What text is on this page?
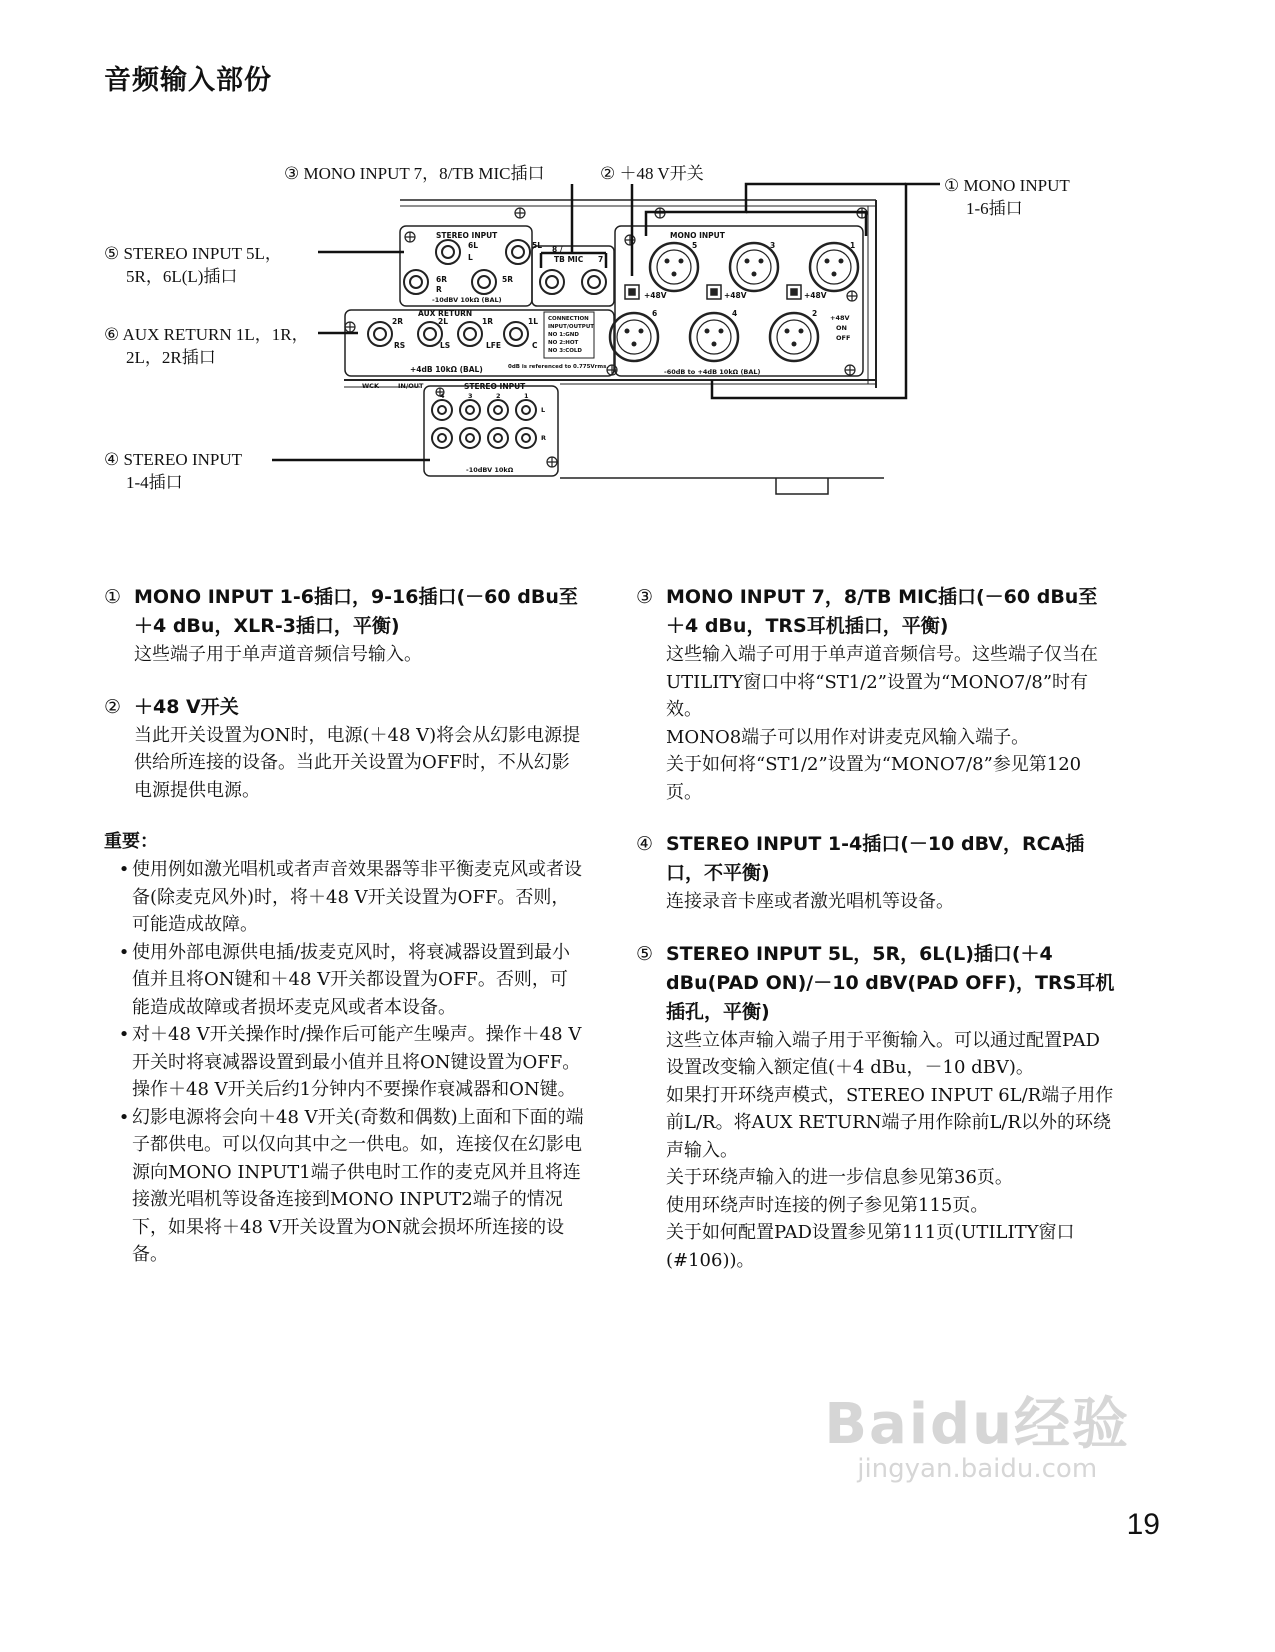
音频输入部份
③ MONO INPUT 7，8/TB MIC插口	② ＋48 V开关
① MONO INPUT
1-6插口
⑤ STEREO INPUT 5L，
5R，6L(L)插口
⑥ AUX RETURN 1L，1R，
2L，2R插口
④ STEREO INPUT
1-4插口
STEREO INPUT
6L	5L
L
6R	5R
R
-10dBV 10kΩ (BAL)
8 /
TB MIC 7
AUX RETURN
2R	2L	1R	1L
RS	LS	LFE	C
+4dB 10kΩ (BAL)
CONNECTION
INPUT/OUTPUT
NO 1:GND
NO 2:HOT
NO 3:COLD
0dB is referenced to 0.775Vrms.
MONO INPUT
5	3	1
6	4	2
+48V	+48V	+48V
+48V
ON
OFF
-60dB to +4dB 10kΩ (BAL)
STEREO INPUT
4	3	2	1
L
R
-10dBV 10kΩ
WCK	IN/OUT
① MONO INPUT 1-6插口，9-16插口(－60 dBu至＋4 dBu，XLR-3插口，平衡)

这些端子用于单声道音频信号输入。

② ＋48 V开关

当此开关设置为ON时，电源(＋48 V)将会从幻影电源提供给所连接的设备。当此开关设置为OFF时，不从幻影电源提供电源。

重要：
• 使用例如激光唱机或者声音效果器等非平衡麦克风或者设备(除麦克风外)时，将＋48 V开关设置为OFF。否则，可能造成故障。
• 使用外部电源供电插/拔麦克风时，将衰减器设置到最小值并且将ON键和＋48 V开关都设置为OFF。否则，可能造成故障或者损坏麦克风或者本设备。
• 对＋48 V开关操作时/操作后可能产生噪声。操作＋48 V开关时将衰减器设置到最小值并且将ON键设置为OFF。操作＋48 V开关后约1分钟内不要操作衰减器和ON键。
• 幻影电源将会向＋48 V开关(奇数和偶数)上面和下面的端子都供电。可以仅向其中之一供电。如，连接仅在幻影电源向MONO INPUT1端子供电时工作的麦克风并且将连接激光唱机等设备连接到MONO INPUT2端子的情况下，如果将＋48 V开关设置为ON就会损坏所连接的设备。
③ MONO INPUT 7，8/TB MIC插口(－60 dBu至＋4 dBu，TRS耳机插口，平衡)

这些输入端子可用于单声道音频信号。这些端子仅当在UTILITY窗口中将“ST1/2”设置为“MONO7/8”时有效。

MONO8端子可以用作对讲麦克风输入端子。

关于如何将“ST1/2”设置为“MONO7/8”参见第120页。

④ STEREO INPUT 1-4插口(－10 dBV，RCA插口，不平衡)

连接录音卡座或者激光唱机等设备。

⑤ STEREO INPUT 5L，5R，6L(L)插口(＋4 dBu(PAD ON)/－10 dBV(PAD OFF)，TRS耳机插孔，平衡)

这些立体声输入端子用于平衡输入。可以通过配置PAD设置改变输入额定值(＋4 dBu，－10 dBV)。

如果打开环绕声模式，STEREO INPUT 6L/R端子用作前L/R。将AUX RETURN端子用作除前L/R以外的环绕声输入。

关于环绕声输入的进一步信息参见第36页。

使用环绕声时连接的例子参见第115页。

关于如何配置PAD设置参见第111页(UTILITY窗口(#106))。

Baidu经验
jingyan.baidu.com
19
